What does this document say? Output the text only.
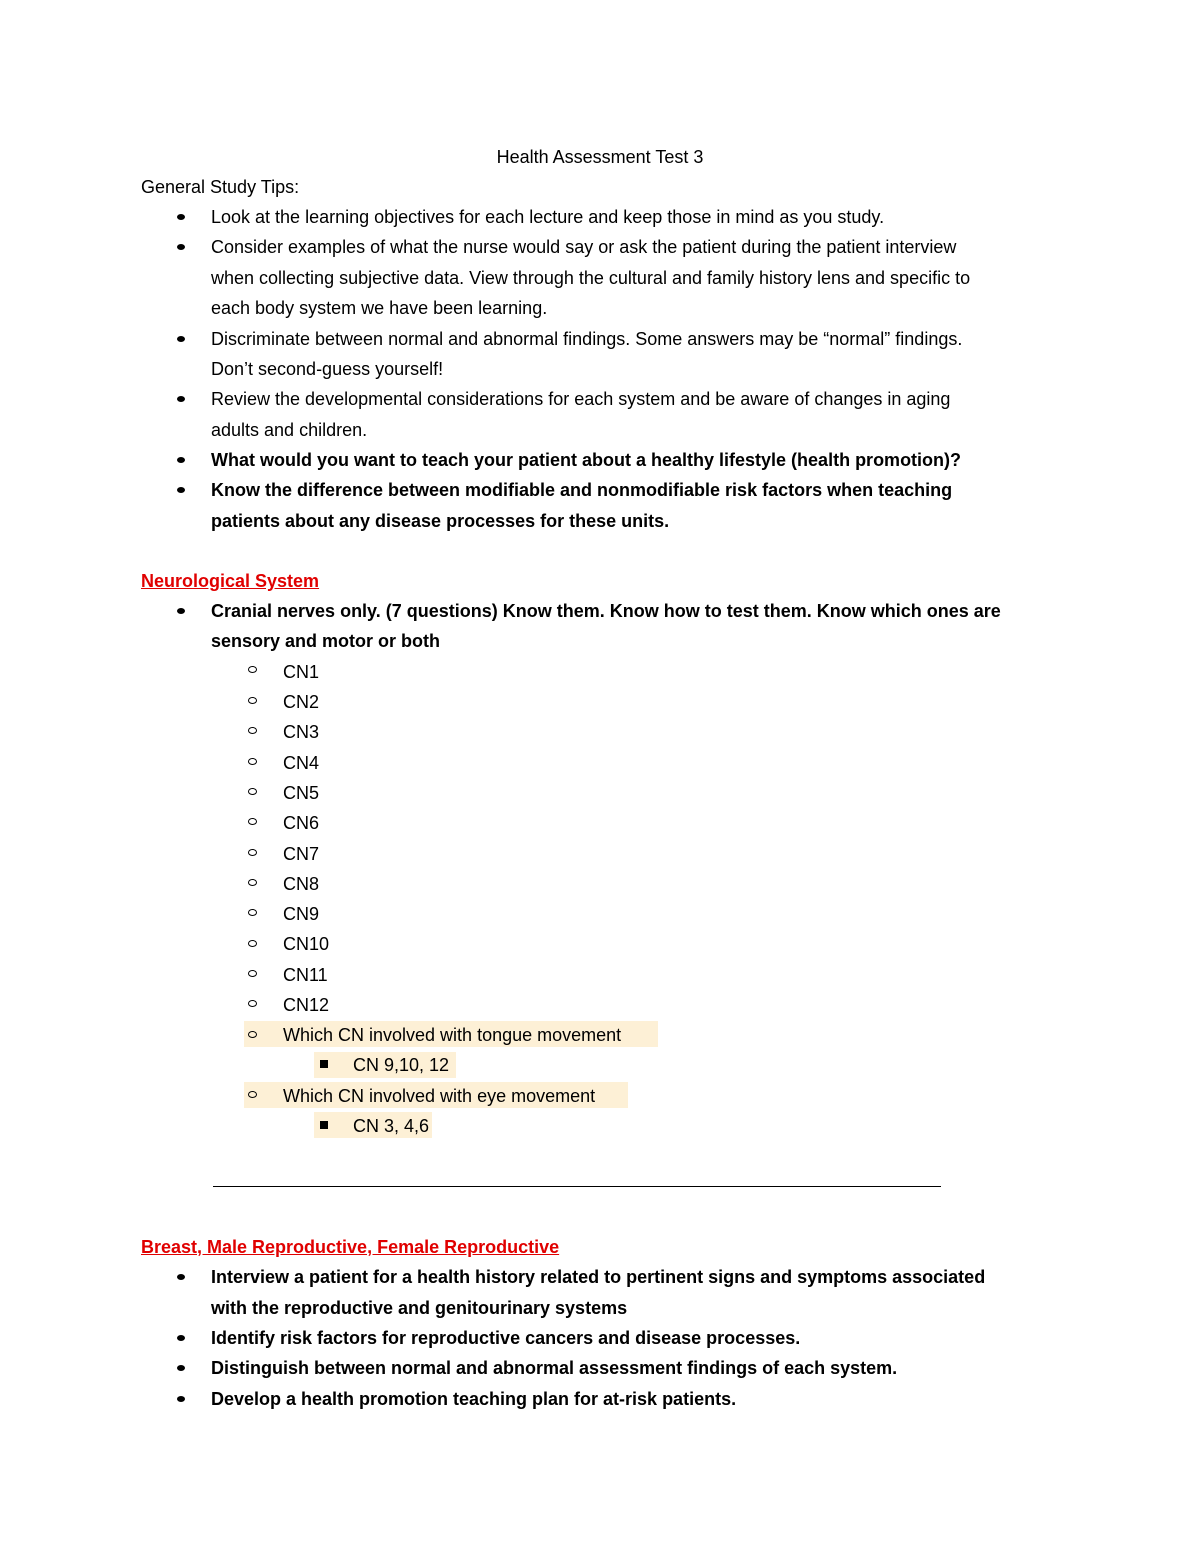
Health Assessment Test 3
General Study Tips:
Look at the learning objectives for each lecture and keep those in mind as you study.
Consider examples of what the nurse would say or ask the patient during the patient interview
when collecting subjective data. View through the cultural and family history lens and specific to
each body system we have been learning.
Discriminate between normal and abnormal findings. Some answers may be “normal” findings.
Don’t second-guess yourself!
Review the developmental considerations for each system and be aware of changes in aging
adults and children.
What would you want to teach your patient about a healthy lifestyle (health promotion)?
Know the difference between modifiable and nonmodifiable risk factors when teaching
patients about any disease processes for these units.
Neurological System
Cranial nerves only. (7 questions) Know them. Know how to test them. Know which ones are
sensory and motor or both
CN1
CN2
CN3
CN4
CN5
CN6
CN7
CN8
CN9
CN10
CN11
CN12
Which CN involved with tongue movement
CN 9,10, 12
Which CN involved with eye movement
CN 3, 4,6
Breast, Male Reproductive, Female Reproductive
Interview a patient for a health history related to pertinent signs and symptoms associated
with the reproductive and genitourinary systems
Identify risk factors for reproductive cancers and disease processes.
Distinguish between normal and abnormal assessment findings of each system.
Develop a health promotion teaching plan for at-risk patients.
